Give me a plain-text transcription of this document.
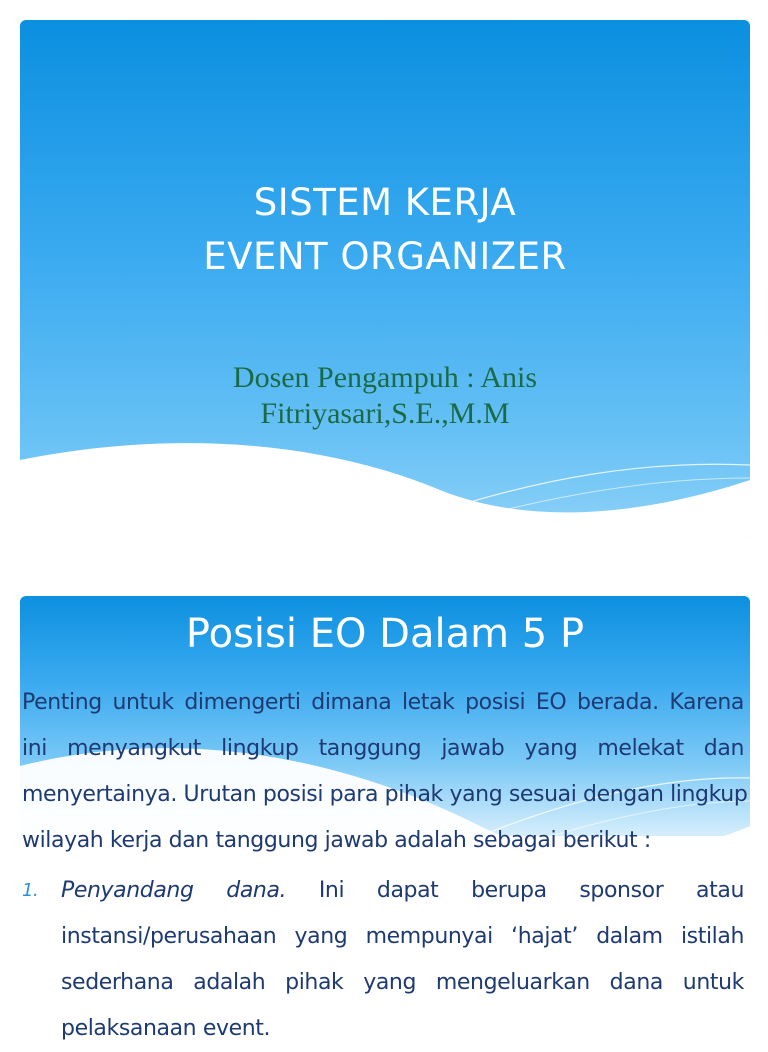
SISTEM KERJA
EVENT ORGANIZER
Dosen Pengampuh : Anis
Fitriyasari,S.E.,M.M
Posisi EO Dalam 5 P
Penting untuk dimengerti dimana letak posisi EO berada. Karena
ini menyangkut lingkup tanggung jawab yang melekat dan
menyertainya. Urutan posisi para pihak yang sesuai dengan lingkup
wilayah kerja dan tanggung jawab adalah sebagai berikut :
1. Penyandang dana. Ini dapat berupa sponsor atau
instansi/perusahaan yang mempunyai ‘hajat’ dalam istilah
sederhana adalah pihak yang mengeluarkan dana untuk
pelaksanaan event.
